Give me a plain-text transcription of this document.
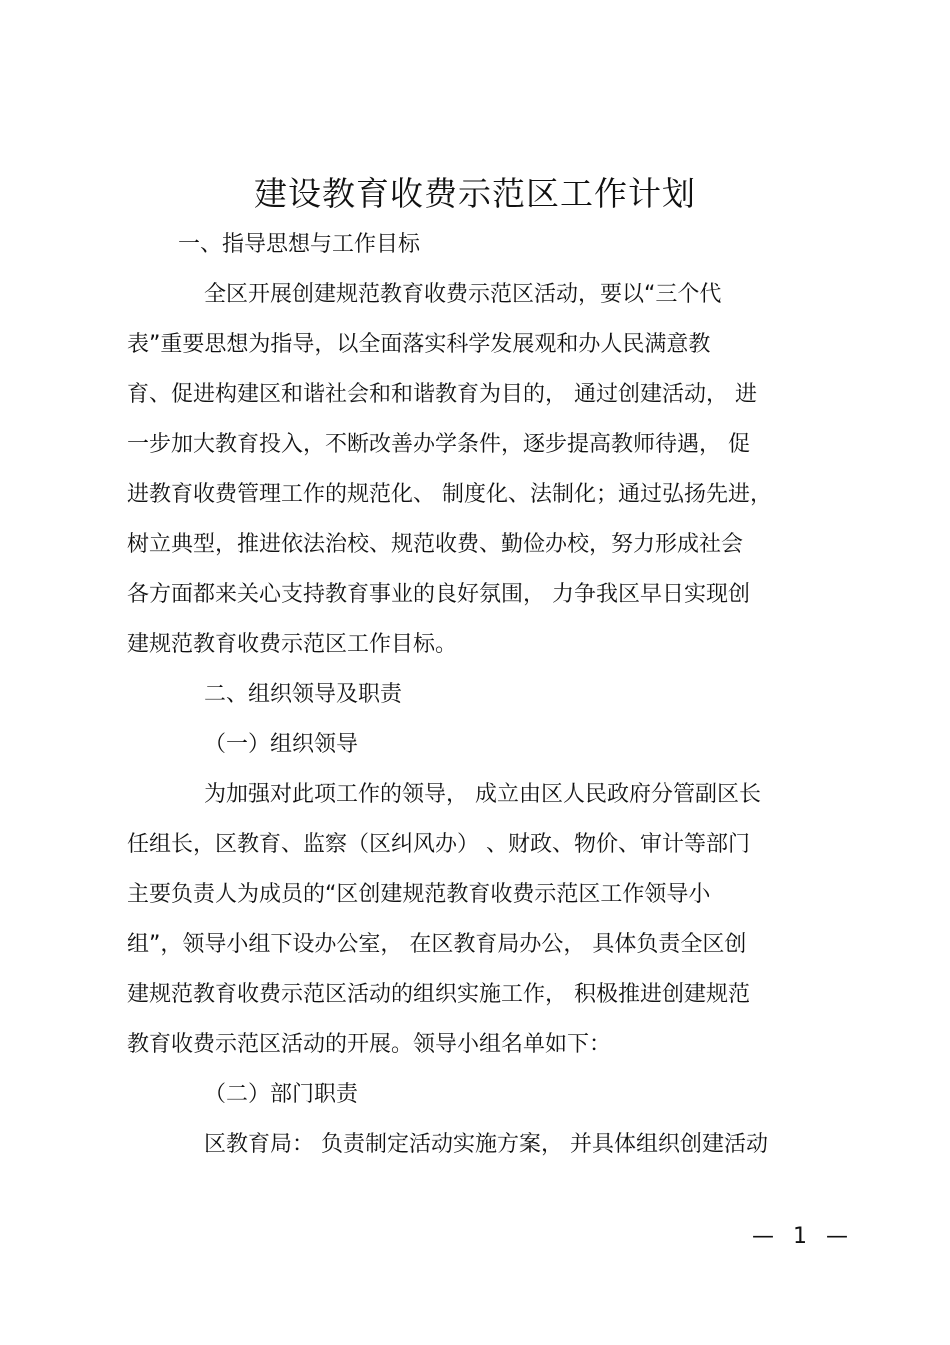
建设教育收费示范区工作计划

一、指导思想与工作目标

全区开展创建规范教育收费示范区活动，要以“三个代

表”重要思想为指导，以全面落实科学发展观和办人民满意教

育、促进构建区和谐社会和和谐教育为目的， 通过创建活动， 进

一步加大教育投入，不断改善办学条件，逐步提高教师待遇， 促

进教育收费管理工作的规范化、 制度化、法制化；通过弘扬先进，

树立典型，推进依法治校、规范收费、勤俭办校，努力形成社会

各方面都来关心支持教育事业的良好氛围， 力争我区早日实现创

建规范教育收费示范区工作目标。

二、组织领导及职责

（一）组织领导

为加强对此项工作的领导， 成立由区人民政府分管副区长

任组长，区教育、监察（区纠风办） 、财政、物价、审计等部门

主要负责人为成员的“区创建规范教育收费示范区工作领导小

组”，领导小组下设办公室， 在区教育局办公， 具体负责全区创

建规范教育收费示范区活动的组织实施工作， 积极推进创建规范

教育收费示范区活动的开展。领导小组名单如下：

（二）部门职责

区教育局： 负责制定活动实施方案， 并具体组织创建活动

— 1 —
